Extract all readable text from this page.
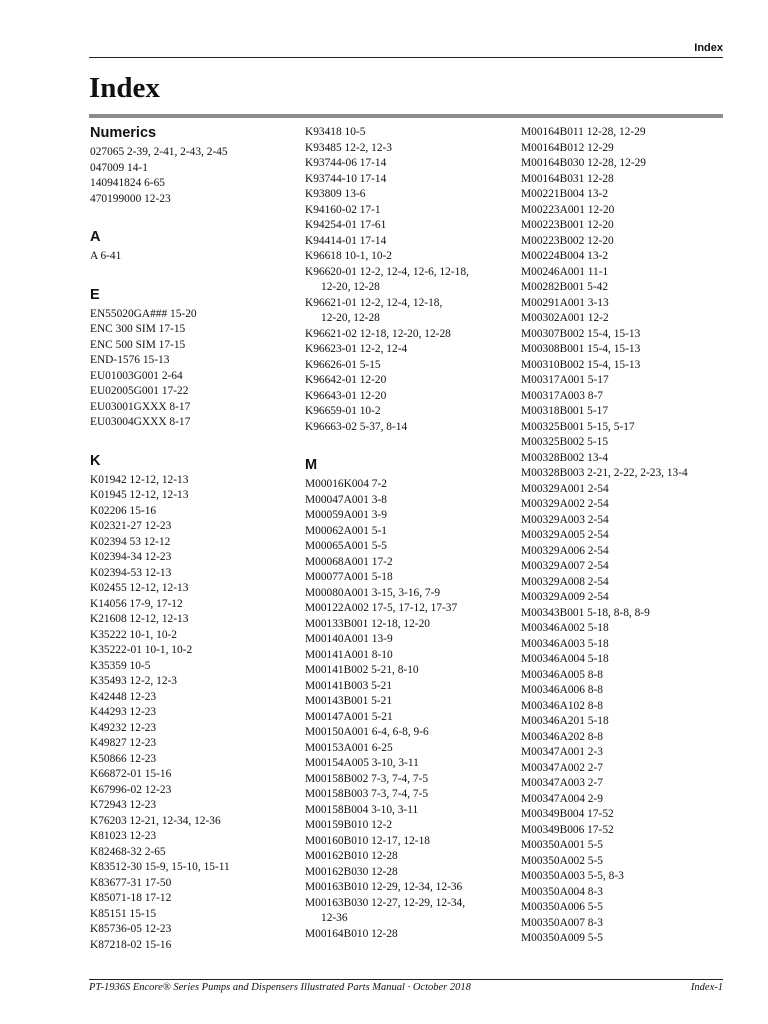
Index
Index
Numerics
027065 2-39, 2-41, 2-43, 2-45
047009 14-1
140941824 6-65
470199000 12-23
A
A 6-41
E
EN55020GA### 15-20
ENC 300 SIM 17-15
ENC 500 SIM 17-15
END-1576 15-13
EU01003G001 2-64
EU02005G001 17-22
EU03001GXXX 8-17
EU03004GXXX 8-17
K
K01942 12-12, 12-13
K01945 12-12, 12-13
K02206 15-16
K02321-27 12-23
K02394 53 12-12
K02394-34 12-23
K02394-53 12-13
K02455 12-12, 12-13
K14056 17-9, 17-12
K21608 12-12, 12-13
K35222 10-1, 10-2
K35222-01 10-1, 10-2
K35359 10-5
K35493 12-2, 12-3
K42448 12-23
K44293 12-23
K49232 12-23
K49827 12-23
K50866 12-23
K66872-01 15-16
K67996-02 12-23
K72943 12-23
K76203 12-21, 12-34, 12-36
K81023 12-23
K82468-32 2-65
K83512-30 15-9, 15-10, 15-11
K83677-31 17-50
K85071-18 17-12
K85151 15-15
K85736-05 12-23
K87218-02 15-16
K93418 10-5
K93485 12-2, 12-3
K93744-06 17-14
K93744-10 17-14
K93809 13-6
K94160-02 17-1
K94254-01 17-61
K94414-01 17-14
K96618 10-1, 10-2
K96620-01 12-2, 12-4, 12-6, 12-18,
12-20, 12-28
K96621-01 12-2, 12-4, 12-18,
12-20, 12-28
K96621-02 12-18, 12-20, 12-28
K96623-01 12-2, 12-4
K96626-01 5-15
K96642-01 12-20
K96643-01 12-20
K96659-01 10-2
K96663-02 5-37, 8-14
M
M00016K004 7-2
M00047A001 3-8
M00059A001 3-9
M00062A001 5-1
M00065A001 5-5
M00068A001 17-2
M00077A001 5-18
M00080A001 3-15, 3-16, 7-9
M00122A002 17-5, 17-12, 17-37
M00133B001 12-18, 12-20
M00140A001 13-9
M00141A001 8-10
M00141B002 5-21, 8-10
M00141B003 5-21
M00143B001 5-21
M00147A001 5-21
M00150A001 6-4, 6-8, 9-6
M00153A001 6-25
M00154A005 3-10, 3-11
M00158B002 7-3, 7-4, 7-5
M00158B003 7-3, 7-4, 7-5
M00158B004 3-10, 3-11
M00159B010 12-2
M00160B010 12-17, 12-18
M00162B010 12-28
M00162B030 12-28
M00163B010 12-29, 12-34, 12-36
M00163B030 12-27, 12-29, 12-34,
12-36
M00164B010 12-28
M00164B011 12-28, 12-29
M00164B012 12-29
M00164B030 12-28, 12-29
M00164B031 12-28
M00221B004 13-2
M00223A001 12-20
M00223B001 12-20
M00223B002 12-20
M00224B004 13-2
M00246A001 11-1
M00282B001 5-42
M00291A001 3-13
M00302A001 12-2
M00307B002 15-4, 15-13
M00308B001 15-4, 15-13
M00310B002 15-4, 15-13
M00317A001 5-17
M00317A003 8-7
M00318B001 5-17
M00325B001 5-15, 5-17
M00325B002 5-15
M00328B002 13-4
M00328B003 2-21, 2-22, 2-23, 13-4
M00329A001 2-54
M00329A002 2-54
M00329A003 2-54
M00329A005 2-54
M00329A006 2-54
M00329A007 2-54
M00329A008 2-54
M00329A009 2-54
M00343B001 5-18, 8-8, 8-9
M00346A002 5-18
M00346A003 5-18
M00346A004 5-18
M00346A005 8-8
M00346A006 8-8
M00346A102 8-8
M00346A201 5-18
M00346A202 8-8
M00347A001 2-3
M00347A002 2-7
M00347A003 2-7
M00347A004 2-9
M00349B004 17-52
M00349B006 17-52
M00350A001 5-5
M00350A002 5-5
M00350A003 5-5, 8-3
M00350A004 8-3
M00350A006 5-5
M00350A007 8-3
M00350A009 5-5
PT-1936S Encore® Series Pumps and Dispensers Illustrated Parts Manual · October 2018	Index-1
